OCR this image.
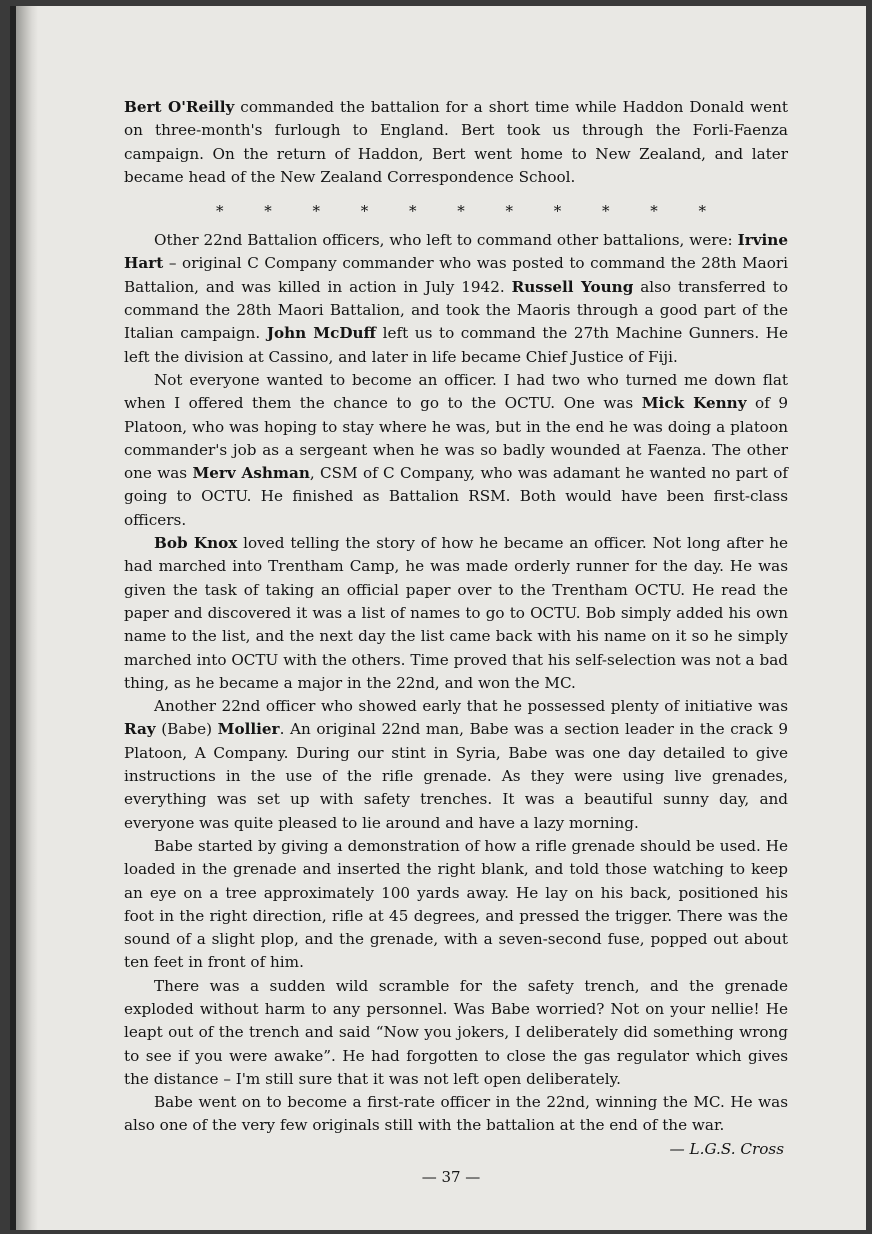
Bert O'Reilly commanded the battalion for a short time while Haddon Donald went on three-month's furlough to England. Bert took us through the Forli-Faenza campaign. On the return of Haddon, Bert went home to New Zealand, and later became head of the New Zealand Correspondence School.

*	*	*	*	*	*	*	*	*	*	*

Other 22nd Battalion officers, who left to command other battalions, were: Irvine Hart – original C Company commander who was posted to command the 28th Maori Battalion, and was killed in action in July 1942. Russell Young also transferred to command the 28th Maori Battalion, and took the Maoris through a good part of the Italian campaign. John McDuff left us to command the 27th Machine Gunners. He left the division at Cassino, and later in life became Chief Justice of Fiji.

Not everyone wanted to become an officer. I had two who turned me down flat when I offered them the chance to go to the OCTU. One was Mick Kenny of 9 Platoon, who was hoping to stay where he was, but in the end he was doing a platoon commander's job as a sergeant when he was so badly wounded at Faenza. The other one was Merv Ashman, CSM of C Company, who was adamant he wanted no part of going to OCTU. He finished as Battalion RSM. Both would have been first-class officers.

Bob Knox loved telling the story of how he became an officer. Not long after he had marched into Trentham Camp, he was made orderly runner for the day. He was given the task of taking an official paper over to the Trentham OCTU. He read the paper and discovered it was a list of names to go to OCTU. Bob simply added his own name to the list, and the next day the list came back with his name on it so he simply marched into OCTU with the others. Time proved that his self-selection was not a bad thing, as he became a major in the 22nd, and won the MC.

Another 22nd officer who showed early that he possessed plenty of initiative was Ray (Babe) Mollier. An original 22nd man, Babe was a section leader in the crack 9 Platoon, A Company. During our stint in Syria, Babe was one day detailed to give instructions in the use of the rifle grenade. As they were using live grenades, everything was set up with safety trenches. It was a beautiful sunny day, and everyone was quite pleased to lie around and have a lazy morning.

Babe started by giving a demonstration of how a rifle grenade should be used. He loaded in the grenade and inserted the right blank, and told those watching to keep an eye on a tree approximately 100 yards away. He lay on his back, positioned his foot in the right direction, rifle at 45 degrees, and pressed the trigger. There was the sound of a slight plop, and the grenade, with a seven-second fuse, popped out about ten feet in front of him.

There was a sudden wild scramble for the safety trench, and the grenade exploded without harm to any personnel. Was Babe worried? Not on your nellie! He leapt out of the trench and said “Now you jokers, I deliberately did something wrong to see if you were awake”. He had forgotten to close the gas regulator which gives the distance – I'm still sure that it was not left open deliberately.

Babe went on to become a first-rate officer in the 22nd, winning the MC. He was also one of the very few originals still with the battalion at the end of the war.

— L.G.S. Cross
— 37 —
